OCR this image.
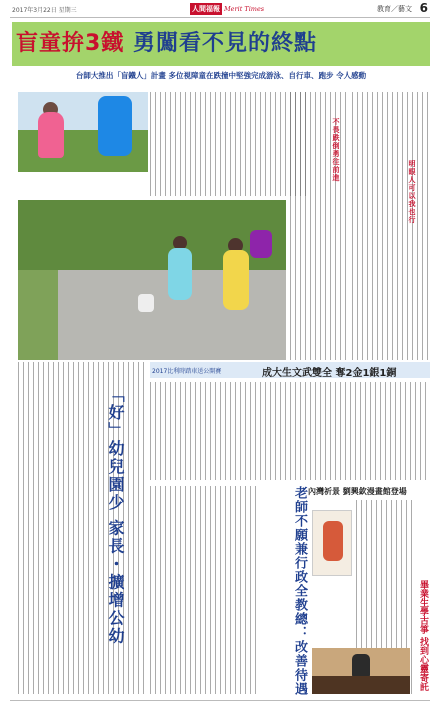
2017年3月22日 星期三	人間福報 Merit Times	教育／藝文 6
盲童拚3鐵 勇闖看不見的終點
台師大推出「盲鐵人」計畫 多位視障童在跌撞中堅強完成游泳、自行車、跑步 令人感動
不畏跌倒 勇往前進
明眼人可以 我也行
2017比利時踏車送公開賽	成大生文武雙全 奪2金1銀1銅
「好」幼兒園少 家長・擴增公幼	老師不願兼行政全教總：改善待遇 內灣祈景 劉興欽漫畫館登場
畢業生學古箏 找到心靈寄託
